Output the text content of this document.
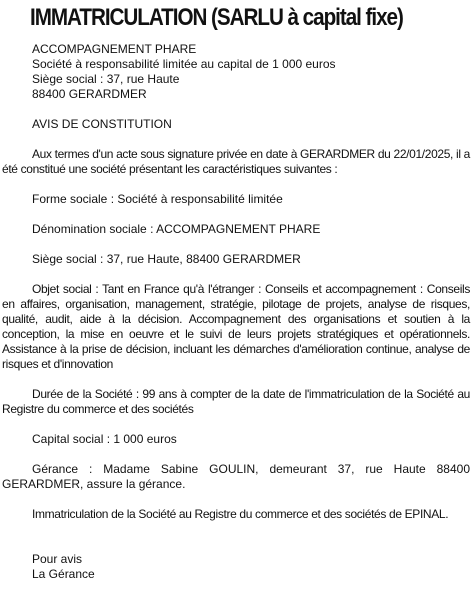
IMMATRICULATION (SARLU à capital fixe)
ACCOMPAGNEMENT PHARE
Société à responsabilité limitée au capital de 1 000 euros
Siège social : 37, rue Haute
88400 GERARDMER
AVIS DE CONSTITUTION
Aux termes d'un acte sous signature privée en date à GERARDMER du 22/01/2025, il a été constitué une société présentant les caractéristiques suivantes :
Forme sociale : Société à responsabilité limitée
Dénomination sociale : ACCOMPAGNEMENT PHARE
Siège social : 37, rue Haute, 88400 GERARDMER
Objet social : Tant en France qu'à l'étranger : Conseils et accompagnement : Conseils en affaires, organisation, management, stratégie, pilotage de projets, analyse de risques, qualité, audit, aide à la décision. Accompagnement des organisations et soutien à la conception, la mise en oeuvre et le suivi de leurs projets stratégiques et opérationnels. Assistance à la prise de décision, incluant les démarches d'amélioration continue, analyse de risques et d'innovation
Durée de la Société : 99 ans à compter de la date de l'immatriculation de la Société au Registre du commerce et des sociétés
Capital social : 1 000 euros
Gérance : Madame Sabine GOULIN, demeurant 37, rue Haute 88400 GERARDMER, assure la gérance.
Immatriculation de la Société au Registre du commerce et des sociétés de EPINAL.
Pour avis
La Gérance
